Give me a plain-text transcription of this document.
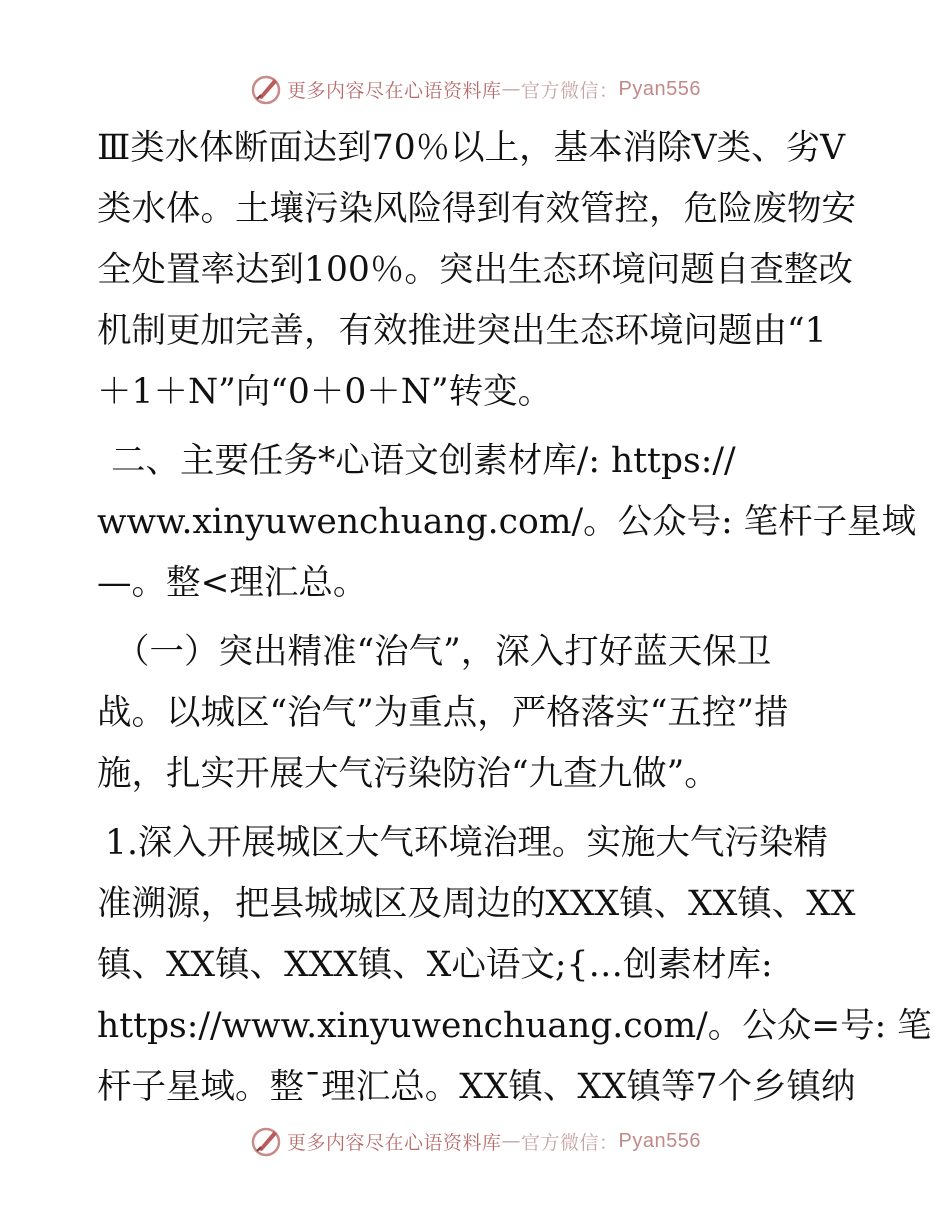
更多内容尽在心语资料库 — 官方微信： Pyan556

Ⅲ类水体断面达到70％以上，基本消除Ⅴ类、劣Ⅴ
类水体。土壤污染风险得到有效管控，危险废物安
全处置率达到100％。突出生态环境问题自查整改
机制更加完善，有效推进突出生态环境问题由“1
＋1＋N”向“0＋0＋N”转变。

二、主要任务*心语文创素材库/: https://
www.xinyuwenchuang.com/。公众号: 笔杆子星域
—。整<理汇总。

（一）突出精准“治气”，深入打好蓝天保卫
战。以城区“治气”为重点，严格落实“五控”措
施，扎实开展大气污染防治“九查九做”。

1.深入开展城区大气环境治理。实施大气污染精
准溯源，把县城城区及周边的XXX镇、XX镇、XX
镇、XX镇、XXX镇、X心语文;{…创素材库:
https://www.xinyuwenchuang.com/。公众=号: 笔
杆子星域。整¯理汇总。XX镇、XX镇等7个乡镇纳

更多内容尽在心语资料库 — 官方微信： Pyan556
